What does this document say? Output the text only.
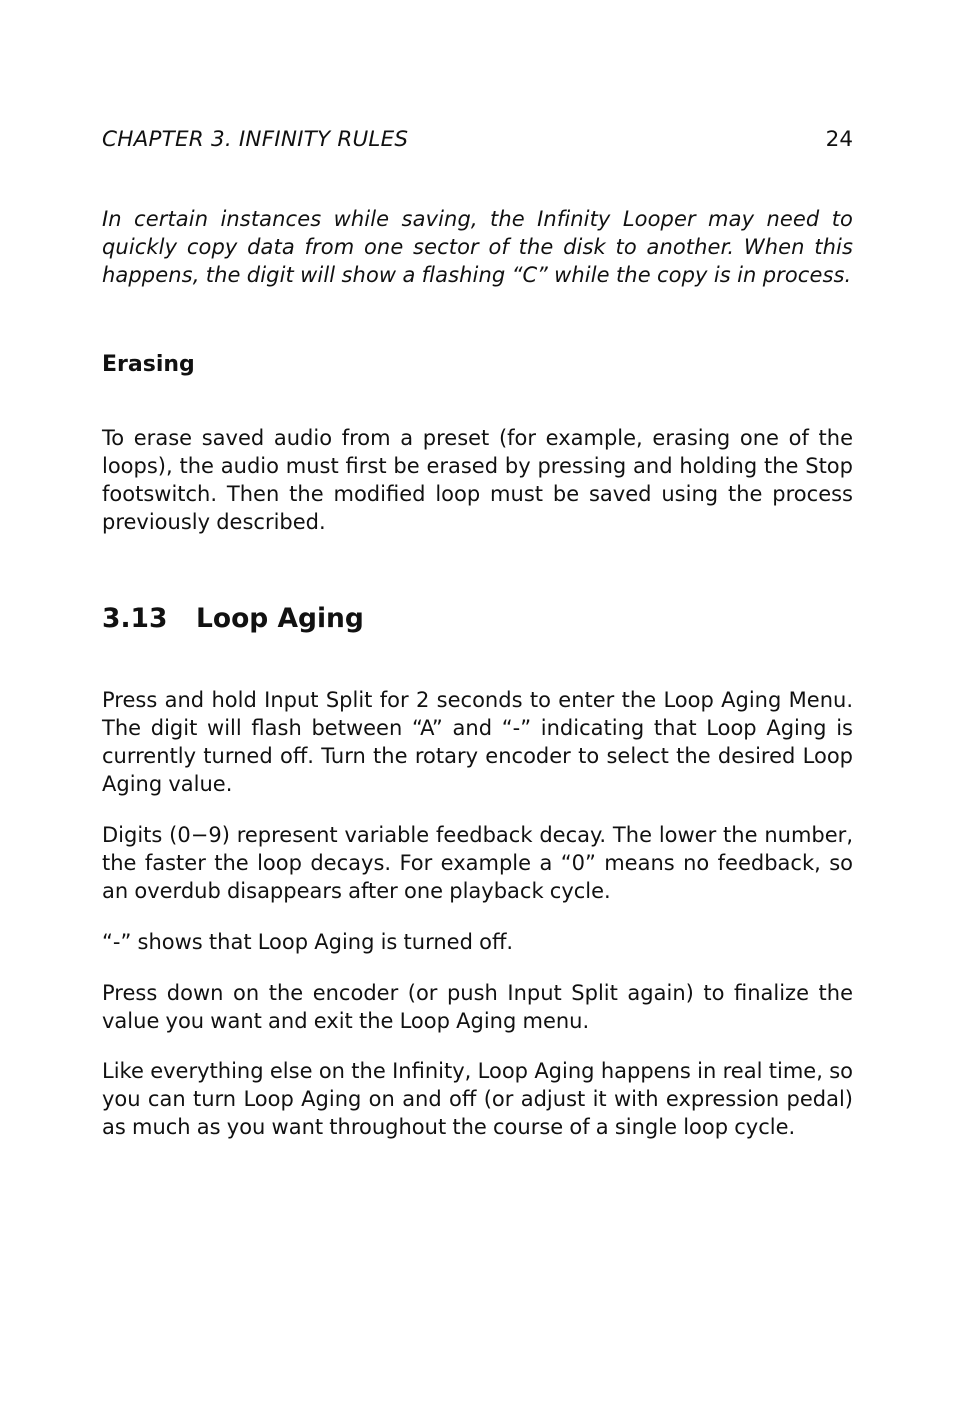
CHAPTER 3. INFINITY RULES	24

In certain instances while saving, the Infinity Looper may need to quickly copy data from one sector of the disk to another. When this happens, the digit will show a flashing “C” while the copy is in process.

Erasing

To erase saved audio from a preset (for example, erasing one of the loops), the audio must first be erased by pressing and holding the Stop footswitch. Then the modified loop must be saved using the process previously described.

3.13 Loop Aging

Press and hold Input Split for 2 seconds to enter the Loop Aging Menu. The digit will flash between “A” and “-” indicating that Loop Aging is currently turned off. Turn the rotary encoder to select the desired Loop Aging value.

Digits (0−9) represent variable feedback decay. The lower the number, the faster the loop decays. For example a “0” means no feedback, so an overdub disappears after one playback cycle.

“-” shows that Loop Aging is turned off.

Press down on the encoder (or push Input Split again) to finalize the value you want and exit the Loop Aging menu.

Like everything else on the Infinity, Loop Aging happens in real time, so you can turn Loop Aging on and off (or adjust it with expression pedal) as much as you want throughout the course of a single loop cycle.
